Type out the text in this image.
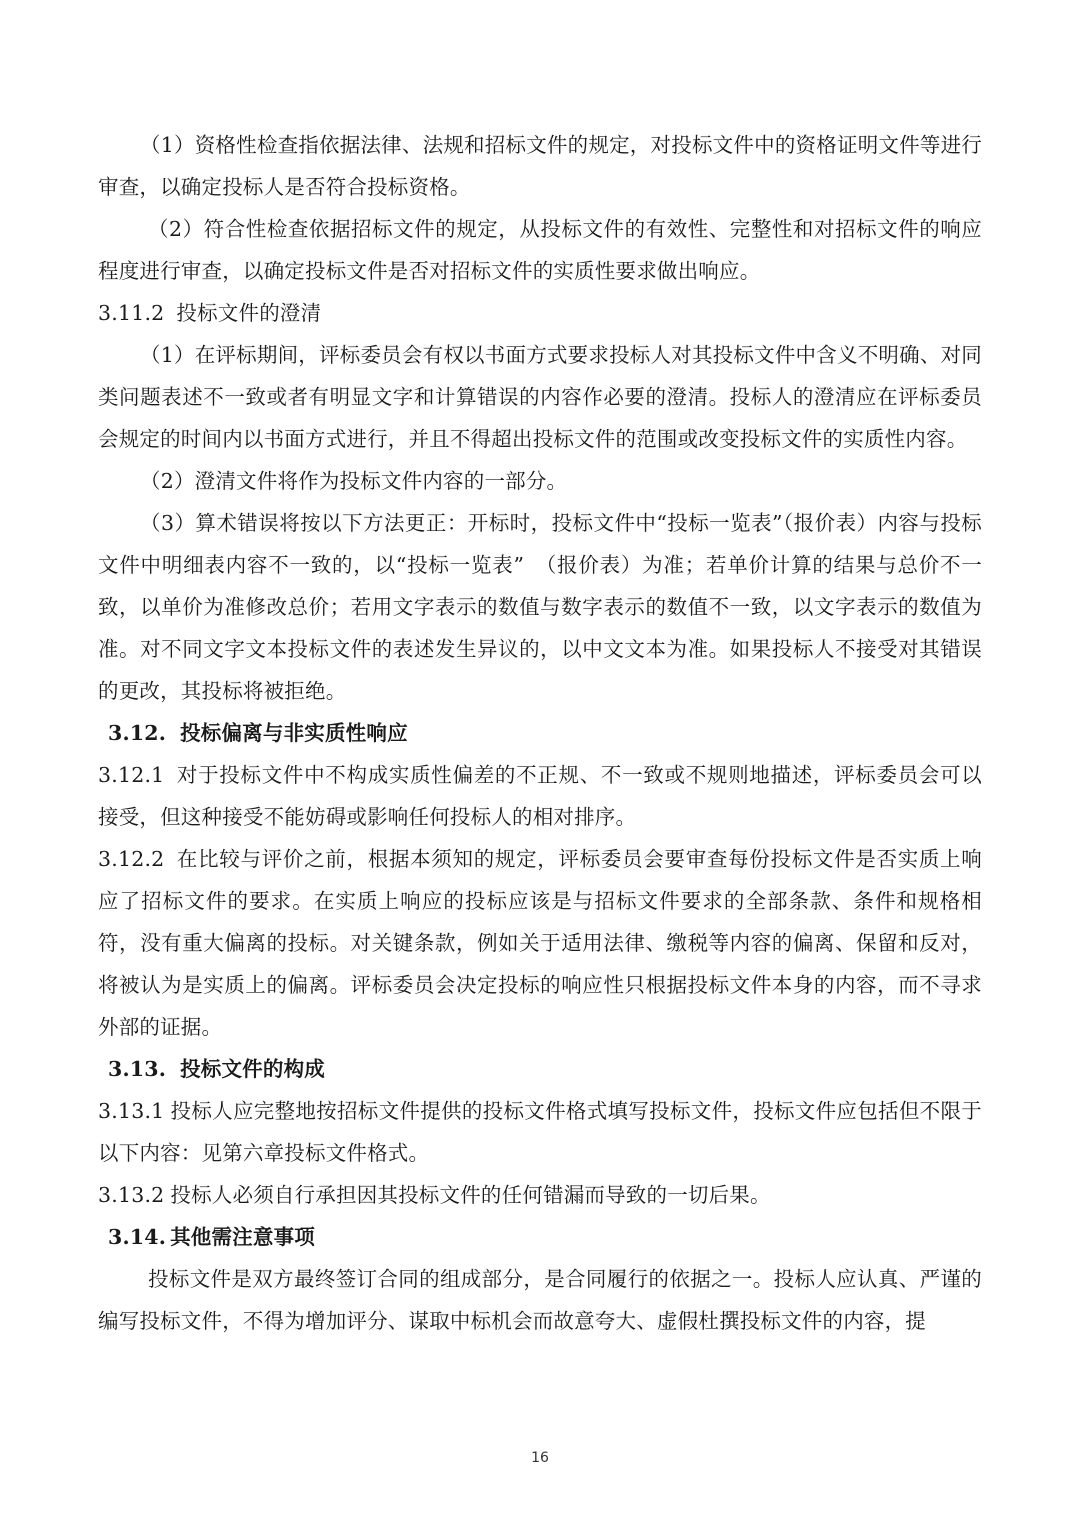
（1）资格性检查指依据法律、法规和招标文件的规定，对投标文件中的资格证明文件等进行审查，以确定投标人是否符合投标资格。

（2）符合性检查依据招标文件的规定，从投标文件的有效性、完整性和对招标文件的响应程度进行审查，以确定投标文件是否对招标文件的实质性要求做出响应。

3.11.2 投标文件的澄清

（1）在评标期间，评标委员会有权以书面方式要求投标人对其投标文件中含义不明确、对同类问题表述不一致或者有明显文字和计算错误的内容作必要的澄清。投标人的澄清应在评标委员会规定的时间内以书面方式进行，并且不得超出投标文件的范围或改变投标文件的实质性内容。

（2）澄清文件将作为投标文件内容的一部分。

（3）算术错误将按以下方法更正：开标时，投标文件中“投标一览表”（报价表）内容与投标文件中明细表内容不一致的，以“投标一览表”　（报价表）为准；若单价计算的结果与总价不一致，以单价为准修改总价；若用文字表示的数值与数字表示的数值不一致，以文字表示的数值为准。对不同文字文本投标文件的表述发生异议的，以中文文本为准。如果投标人不接受对其错误的更改，其投标将被拒绝。

3.12. 投标偏离与非实质性响应

3.12.1 对于投标文件中不构成实质性偏差的不正规、不一致或不规则地描述，评标委员会可以接受，但这种接受不能妨碍或影响任何投标人的相对排序。

3.12.2 在比较与评价之前，根据本须知的规定，评标委员会要审查每份投标文件是否实质上响应了招标文件的要求。在实质上响应的投标应该是与招标文件要求的全部条款、条件和规格相符，没有重大偏离的投标。对关键条款，例如关于适用法律、缴税等内容的偏离、保留和反对，将被认为是实质上的偏离。评标委员会决定投标的响应性只根据投标文件本身的内容，而不寻求外部的证据。

3.13. 投标文件的构成

3.13.1 投标人应完整地按招标文件提供的投标文件格式填写投标文件，投标文件应包括但不限于以下内容：见第六章投标文件格式。

3.13.2 投标人必须自行承担因其投标文件的任何错漏而导致的一切后果。

3.14. 其他需注意事项

投标文件是双方最终签订合同的组成部分，是合同履行的依据之一。投标人应认真、严谨的编写投标文件，不得为增加评分、谋取中标机会而故意夸大、虚假杜撰投标文件的内容，提

16
